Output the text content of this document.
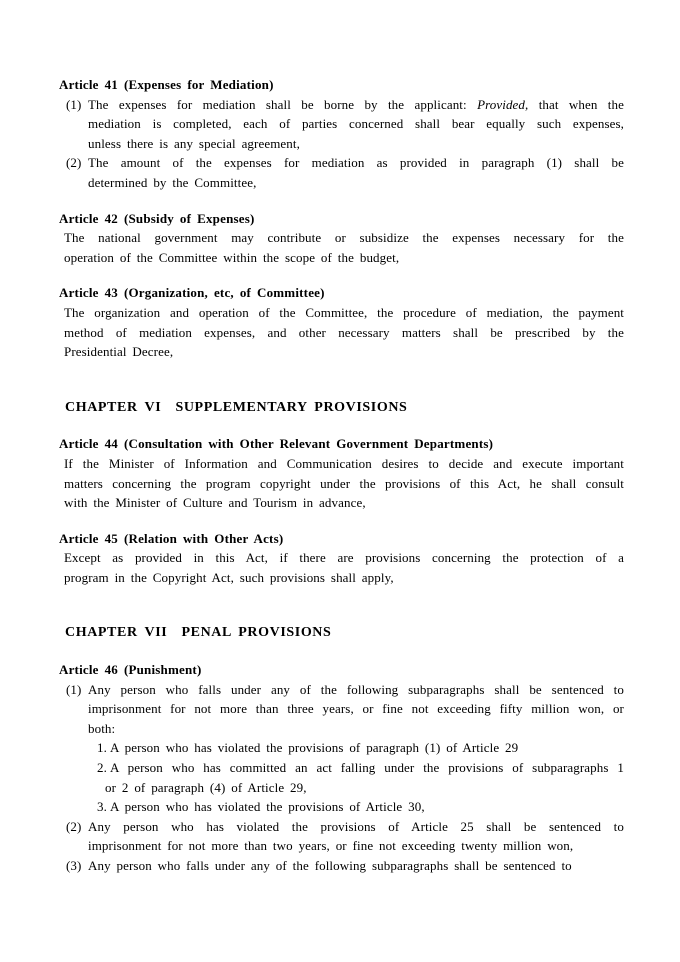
Article 41 (Expenses for Mediation)
(1) The expenses for mediation shall be borne by the applicant: Provided, that when the
mediation is completed, each of parties concerned shall bear equally such expenses,
unless there is any special agreement,
(2) The amount of the expenses for mediation as provided in paragraph (1) shall be
determined by the Committee,
Article 42 (Subsidy of Expenses)
The national government may contribute or subsidize the expenses necessary for the
operation of the Committee within the scope of the budget,
Article 43 (Organization, etc, of Committee)
The organization and operation of the Committee, the procedure of mediation, the payment
method of mediation expenses, and other necessary matters shall be prescribed by the
Presidential Decree,
CHAPTER VI  SUPPLEMENTARY PROVISIONS
Article 44 (Consultation with Other Relevant Government Departments)
If the Minister of Information and Communication desires to decide and execute important
matters concerning the program copyright under the provisions of this Act, he shall consult
with the Minister of Culture and Tourism in advance,
Article 45 (Relation with Other Acts)
Except as provided in this Act, if there are provisions concerning the protection of a
program in the Copyright Act, such provisions shall apply,
CHAPTER VII  PENAL PROVISIONS
Article 46 (Punishment)
(1) Any person who falls under any of the following subparagraphs shall be sentenced to
imprisonment for not more than three years, or fine not exceeding fifty million won, or
both:
1. A person who has violated the provisions of paragraph (1) of Article 29
2. A person who has committed an act falling under the provisions of subparagraphs 1
or 2 of paragraph (4) of Article 29,
3. A person who has violated the provisions of Article 30,
(2) Any person who has violated the provisions of Article 25 shall be sentenced to
imprisonment for not more than two years, or fine not exceeding twenty million won,
(3) Any person who falls under any of the following subparagraphs shall be sentenced to
